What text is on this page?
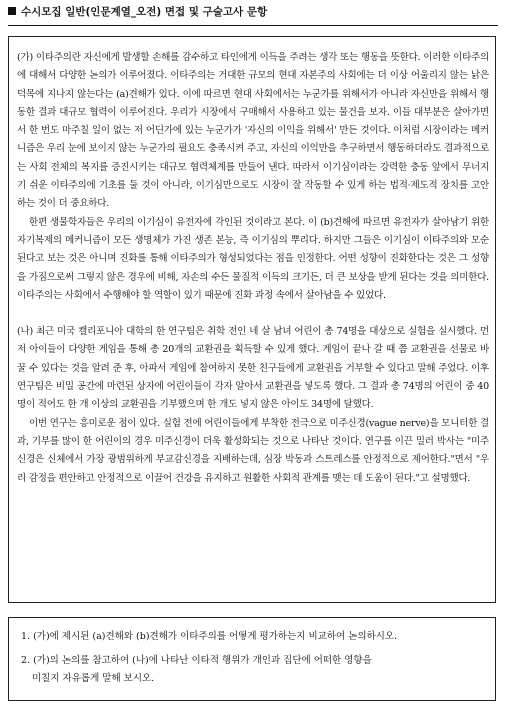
수시모집 일반(인문계열_오전) 면접 및 구술고사 문항
(가) 이타주의란 자신에게 발생할 손해를 감수하고 타인에게 이득을 주려는 생각 또는 행동을 뜻한다. 이러한 이타주의에 대해서 다양한 논의가 이루어졌다. 이타주의는 거대한 규모의 현대 자본주의 사회에는 더 이상 어울리지 않는 낡은 덕목에 지나지 않는다는 (a)견해가 있다. 이에 따르면 현대 사회에서는 누군가를 위해서가 아니라 자신만을 위해서 행동한 결과 대규모 협력이 이루어진다. 우리가 시장에서 구매해서 사용하고 있는 물건을 보자. 이들 대부분은 살아가면서 한 번도 마주칠 일이 없는 저 어딘가에 있는 누군가가 '자신의 이익을 위해서' 만든 것이다. 이처럼 시장이라는 메커니즘은 우리 눈에 보이지 않는 누군가의 필요도 충족시켜 주고, 자신의 이익만을 추구하면서 행동하더라도 결과적으로는 사회 전체의 복지를 증진시키는 대규모 협력체계를 만들어 낸다. 따라서 이기심이라는 강력한 충동 앞에서 무너지기 쉬운 이타주의에 기초를 둘 것이 아니라, 이기심만으로도 시장이 잘 작동할 수 있게 하는 법적·제도적 장치를 고안하는 것이 더 중요하다.
한편 생물학자들은 우리의 이기심이 유전자에 각인된 것이라고 본다. 이 (b)견해에 따르면 유전자가 살아남기 위한 자기복제의 메커니즘이 모든 생명체가 가진 생존 본능, 즉 이기심의 뿌리다. 하지만 그들은 이기심이 이타주의와 모순된다고 보는 것은 아니며 진화를 통해 이타주의가 형성되었다는 점을 인정한다. 어떤 성향이 진화한다는 것은 그 성향을 가짐으로써 그렇지 않은 경우에 비해, 자손의 수든 물질적 이득의 크기든, 더 큰 보상을 받게 된다는 것을 의미한다. 이타주의는 사회에서 수행해야 할 역할이 있기 때문에 진화 과정 속에서 살아남을 수 있었다.
(나) 최근 미국 캘리포니아 대학의 한 연구팀은 취학 전인 네 살 남녀 어린이 총 74명을 대상으로 실험을 실시했다. 먼저 아이들이 다양한 게임을 통해 총 20개의 교환권을 획득할 수 있게 했다. 게임이 끝나 갈 때 쯤 교환권을 선물로 바꿀 수 있다는 것을 알려 준 후, 아파서 게임에 참여하지 못한 친구들에게 교환권을 거부할 수 있다고 말해 주었다. 이후 연구팀은 비밀 공간에 마련된 상자에 어린이들이 각자 알아서 교환권을 넣도록 했다. 그 결과 총 74명의 어린이 중 40명이 적어도 한 개 이상의 교환권을 기부했으며 한 개도 넣지 않은 아이도 34명에 달했다.
이번 연구는 흥미로운 점이 있다. 실험 전에 어린이들에게 부착한 전극으로 미주신경(vague nerve)을 모니터한 결과, 기부를 많이 한 어린이의 경우 미주신경이 더욱 활성화되는 것으로 나타난 것이다. 연구를 이끈 밀러 박사는 "미주신경은 신체에서 가장 광범위하게 부교감신경을 지배하는데, 심장 박동과 스트레스를 안정적으로 제어한다."면서 "우리 감정을 편안하고 안정적으로 이끌어 건강을 유지하고 원활한 사회적 관계를 맺는 데 도움이 된다."고 설명했다.
1. (가)에 제시된 (a)견해와 (b)견해가 이타주의를 어떻게 평가하는지 비교하여 논의하시오.
2. (가)의 논의를 참고하여 (나)에 나타난 이타적 행위가 개인과 집단에 어떠한 영향을
미칠지 자유롭게 말해 보시오.
